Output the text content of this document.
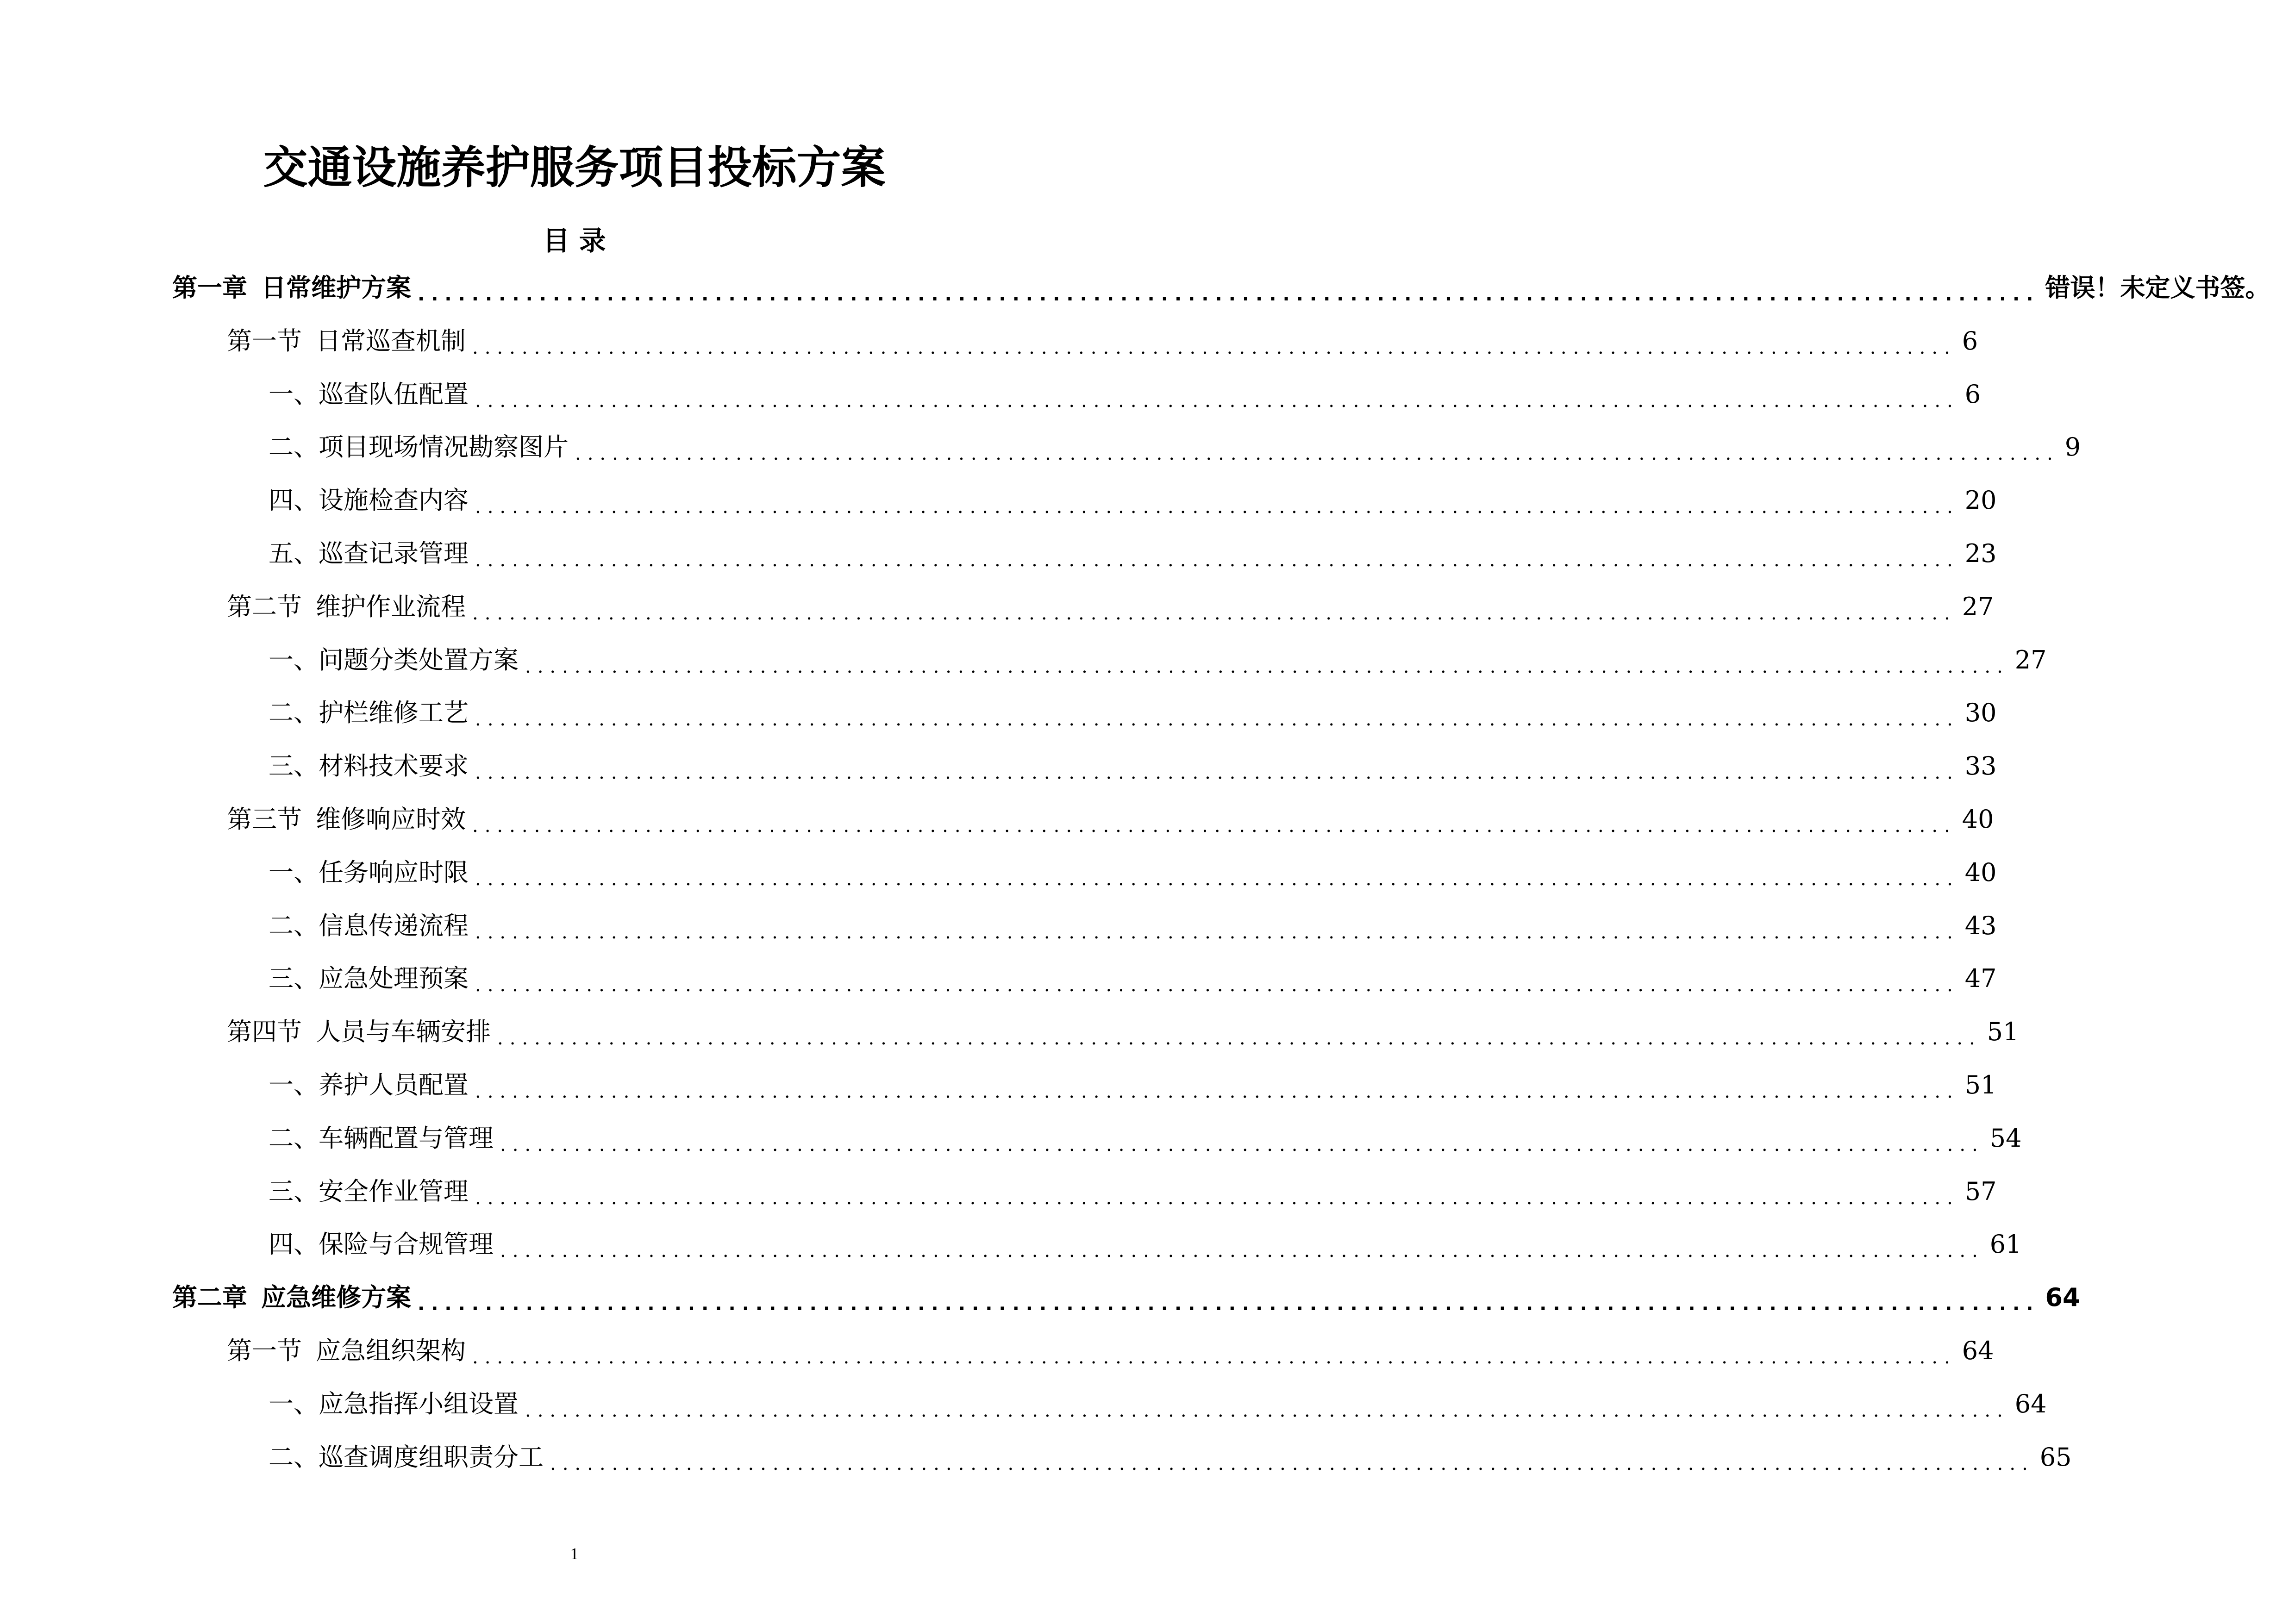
交通设施养护服务项目投标方案
目 录
第一章 日常维护方案 ........................................................................................................................ 错误！未定义书签。
第一节 日常巡查机制 ........................................................................................................................ 6
一、巡查队伍配置 ........................................................................................................................ 6
二、项目现场情况勘察图片 ........................................................................................................................ 9
四、设施检查内容 ........................................................................................................................ 20
五、巡查记录管理 ........................................................................................................................ 23
第二节 维护作业流程 ........................................................................................................................ 27
一、问题分类处置方案 ........................................................................................................................ 27
二、护栏维修工艺 ........................................................................................................................ 30
三、材料技术要求 ........................................................................................................................ 33
第三节 维修响应时效 ........................................................................................................................ 40
一、任务响应时限 ........................................................................................................................ 40
二、信息传递流程 ........................................................................................................................ 43
三、应急处理预案 ........................................................................................................................ 47
第四节 人员与车辆安排 ........................................................................................................................ 51
一、养护人员配置 ........................................................................................................................ 51
二、车辆配置与管理 ........................................................................................................................ 54
三、安全作业管理 ........................................................................................................................ 57
四、保险与合规管理 ........................................................................................................................ 61
第二章 应急维修方案 ........................................................................................................................ 64
第一节 应急组织架构 ........................................................................................................................ 64
一、应急指挥小组设置 ........................................................................................................................ 64
二、巡查调度组职责分工 ........................................................................................................................ 65
1
